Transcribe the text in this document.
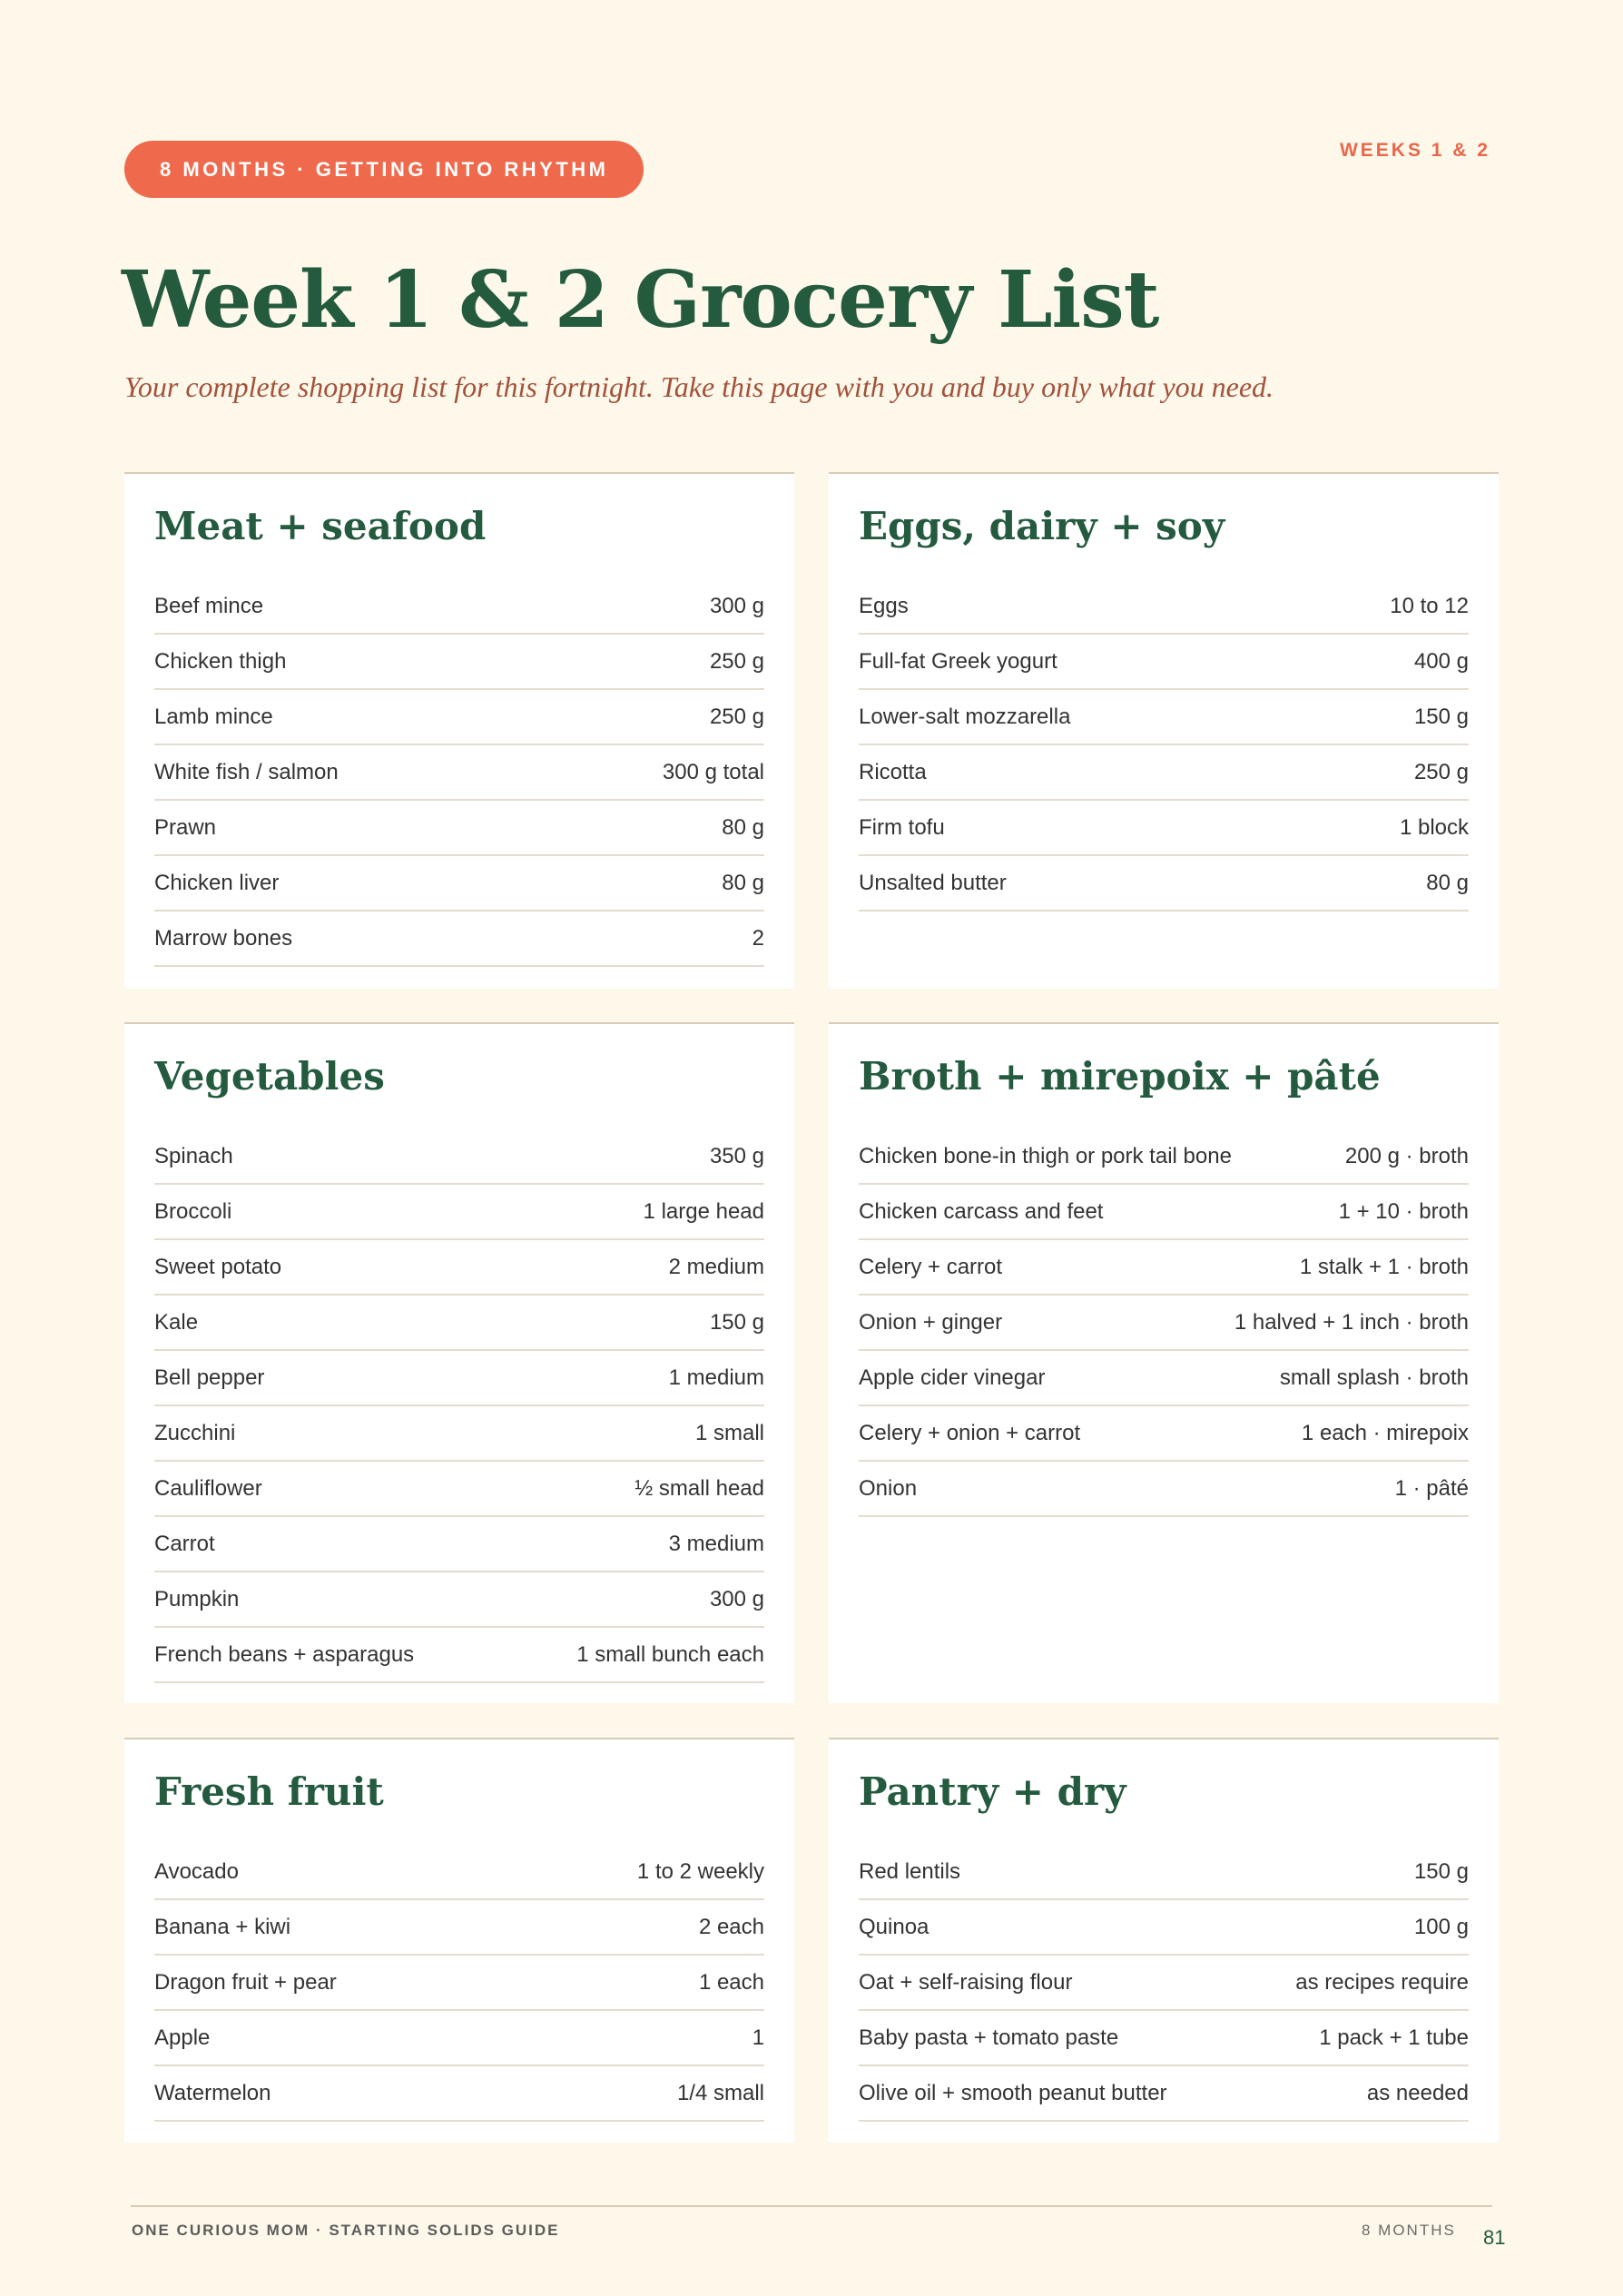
8 MONTHS · GETTING INTO RHYTHM
WEEKS 1 & 2
Week 1 & 2 Grocery List
Your complete shopping list for this fortnight. Take this page with you and buy only what you need.
Meat + seafood
Beef mince	300 g
Chicken thigh	250 g
Lamb mince	250 g
White fish / salmon	300 g total
Prawn	80 g
Chicken liver	80 g
Marrow bones	2
Eggs, dairy + soy
Eggs	10 to 12
Full-fat Greek yogurt	400 g
Lower-salt mozzarella	150 g
Ricotta	250 g
Firm tofu	1 block
Unsalted butter	80 g
Vegetables
Spinach	350 g
Broccoli	1 large head
Sweet potato	2 medium
Kale	150 g
Bell pepper	1 medium
Zucchini	1 small
Cauliflower	½ small head
Carrot	3 medium
Pumpkin	300 g
French beans + asparagus	1 small bunch each
Broth + mirepoix + pâté
Chicken bone-in thigh or pork tail bone	200 g · broth
Chicken carcass and feet	1 + 10 · broth
Celery + carrot	1 stalk + 1 · broth
Onion + ginger	1 halved + 1 inch · broth
Apple cider vinegar	small splash · broth
Celery + onion + carrot	1 each · mirepoix
Onion	1 · pâté
Fresh fruit
Avocado	1 to 2 weekly
Banana + kiwi	2 each
Dragon fruit + pear	1 each
Apple	1
Watermelon	1/4 small
Pantry + dry
Red lentils	150 g
Quinoa	100 g
Oat + self-raising flour	as recipes require
Baby pasta + tomato paste	1 pack + 1 tube
Olive oil + smooth peanut butter	as needed
ONE CURIOUS MOM · STARTING SOLIDS GUIDE	8 MONTHS 81
